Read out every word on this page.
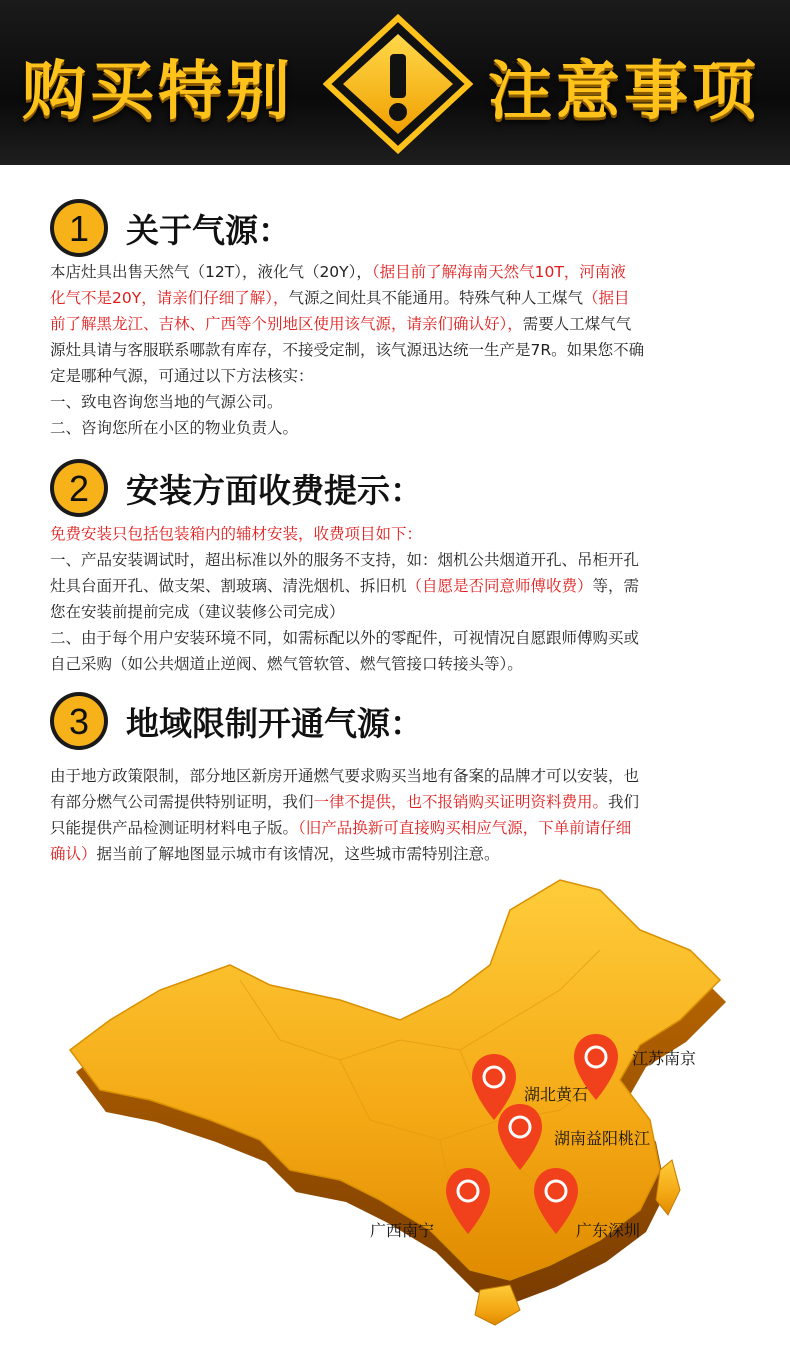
购买特别	注意事项
1 关于气源：
本店灶具出售天然气（12T），液化气（20Y），（据目前了解海南天然气10T，河南液
化气不是20Y，请亲们仔细了解），气源之间灶具不能通用。特殊气种人工煤气（据目
前了解黑龙江、吉林、广西等个别地区使用该气源，请亲们确认好），需要人工煤气气
源灶具请与客服联系哪款有库存，不接受定制，该气源迅达统一生产是7R。如果您不确
定是哪种气源，可通过以下方法核实：
一、致电咨询您当地的气源公司。
二、咨询您所在小区的物业负责人。
2 安装方面收费提示：
免费安装只包括包装箱内的辅材安装，收费项目如下：
一、产品安装调试时，超出标准以外的服务不支持，如：烟机公共烟道开孔、吊柜开孔
灶具台面开孔、做支架、割玻璃、清洗烟机、拆旧机（自愿是否同意师傅收费）等，需
您在安装前提前完成（建议装修公司完成）
二、由于每个用户安装环境不同，如需标配以外的零配件，可视情况自愿跟师傅购买或
自己采购（如公共烟道止逆阀、燃气管软管、燃气管接口转接头等）。
3 地域限制开通气源：
由于地方政策限制，部分地区新房开通燃气要求购买当地有备案的品牌才可以安装，也
有部分燃气公司需提供特别证明，我们一律不提供，也不报销购买证明资料费用。我们
只能提供产品检测证明材料电子版。（旧产品换新可直接购买相应气源，下单前请仔细
确认）据当前了解地图显示城市有该情况，这些城市需特别注意。
江苏南京
湖北黄石
湖南益阳桃江
广西南宁	广东深圳
